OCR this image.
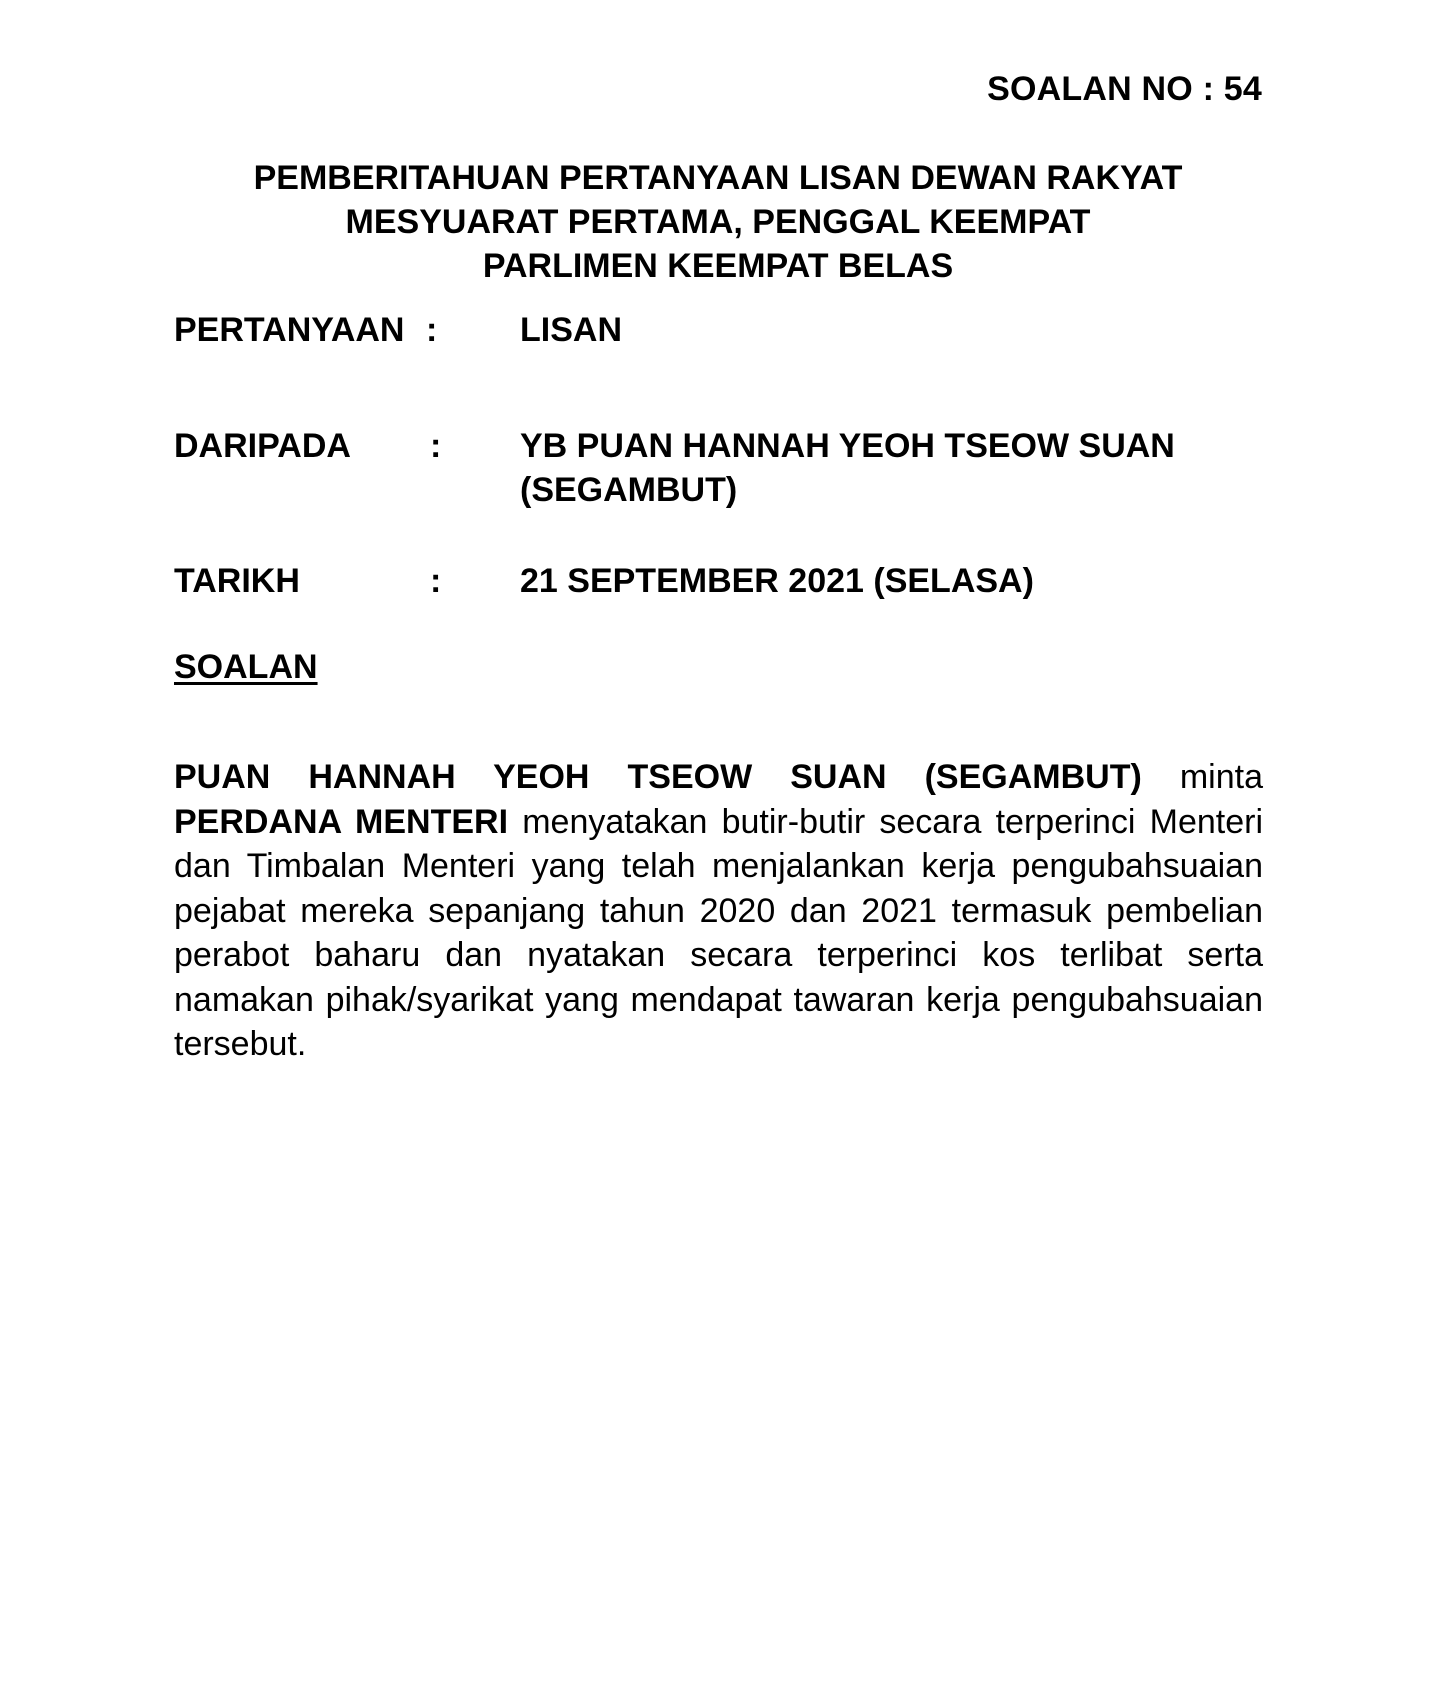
SOALAN NO : 54
PEMBERITAHUAN PERTANYAAN LISAN DEWAN RAKYAT
MESYUARAT PERTAMA, PENGGAL KEEMPAT
PARLIMEN KEEMPAT BELAS
PERTANYAAN : LISAN
DARIPADA : YB PUAN HANNAH YEOH TSEOW SUAN
(SEGAMBUT)
TARIKH	: 21 SEPTEMBER 2021 (SELASA)
SOALAN

PUAN HANNAH YEOH TSEOW SUAN (SEGAMBUT) minta PERDANA MENTERI menyatakan butir-butir secara terperinci Menteri dan Timbalan Menteri yang telah menjalankan kerja pengubahsuaian pejabat mereka sepanjang tahun 2020 dan 2021 termasuk pembelian perabot baharu dan nyatakan secara terperinci kos terlibat serta namakan pihak/syarikat yang mendapat tawaran kerja pengubahsuaian tersebut.
